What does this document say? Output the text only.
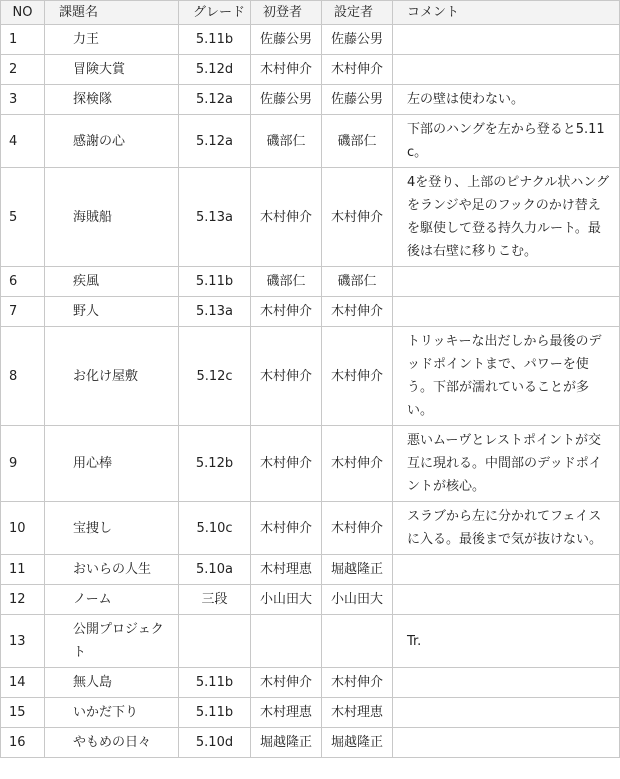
NO	課題名	グレード	初登者	設定者	コメント
1	力王	5.11b	佐藤公男	佐藤公男	
2	冒険大賞	5.12d	木村伸介	木村伸介	
3	探検隊	5.12a	佐藤公男	佐藤公男	左の壁は使わない。
4	感謝の心	5.12a	磯部仁	磯部仁	下部のハングを左から登ると5.11c。
5	海賊船	5.13a	木村伸介	木村伸介	4を登り、上部のピナクル状ハングをランジや足のフックのかけ替えを駆使して登る持久力ルート。最後は右壁に移りこむ。
6	疾風	5.11b	磯部仁	磯部仁	
7	野人	5.13a	木村伸介	木村伸介	
8	お化け屋敷	5.12c	木村伸介	木村伸介	トリッキーな出だしから最後のデッドポイントまで、パワーを使う。下部が濡れていることが多い。
9	用心棒	5.12b	木村伸介	木村伸介	悪いムーヴとレストポイントが交互に現れる。中間部のデッドポイントが核心。
10	宝捜し	5.10c	木村伸介	木村伸介	スラブから左に分かれてフェイスに入る。最後まで気が抜けない。
11	おいらの人生	5.10a	木村理恵	堀越隆正	
12	ノーム	三段	小山田大	小山田大	
13	公開プロジェクト				Tr.
14	無人島	5.11b	木村伸介	木村伸介	
15	いかだ下り	5.11b	木村理恵	木村理恵	
16	やもめの日々	5.10d	堀越隆正	堀越隆正	
